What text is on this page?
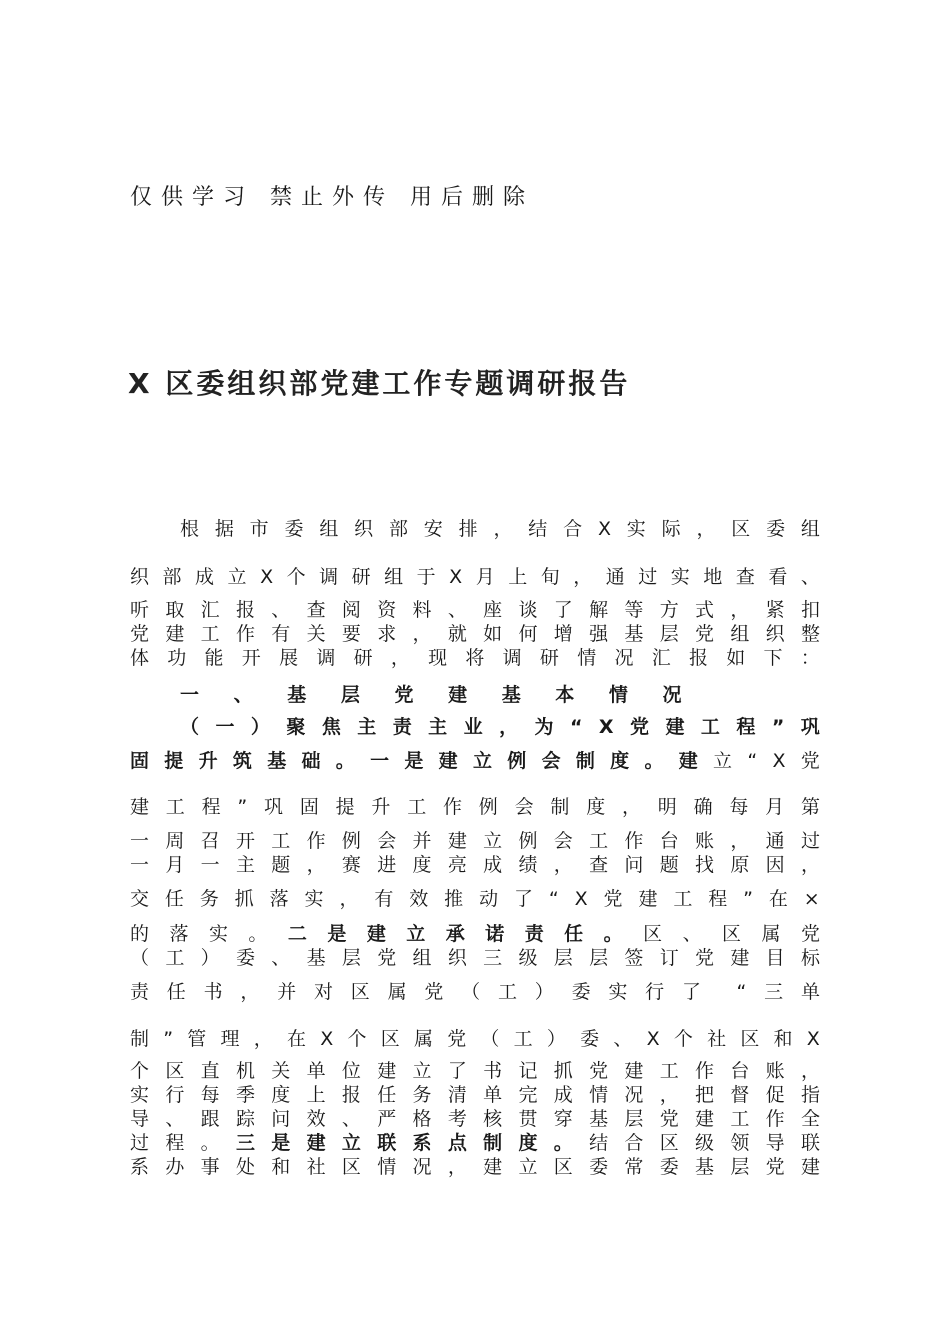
仅供学习 禁止外传 用后删除
X 区委组织部党建工作专题调研报告
一 、 基 层 党 建 基 本 情 况
根 据 市 委 组 织 部 安 排 ， 结 合 X 实 际 ， 区 委 组
织 部 成 立 X 个 调 研 组 于 X 月 上 旬 ， 通 过 实 地 查 看 、
听 取 汇 报 、 查 阅 资 料 、 座 谈 了 解 等 方 式 ， 紧 扣
党 建 工 作 有 关 要 求 ， 就 如 何 增 强 基 层 党 组 织 整
体 功 能 开 展 调 研 ， 现 将 调 研 情 况 汇 报 如 下 ：
（ 一 ） 聚 焦 主 责 主 业 ， 为 “ X 党 建 工 程 ” 巩
固 提 升 筑 基 础 。 一 是 建 立 例 会 制 度 。 建 立 “ X 党
建 工 程 ” 巩 固 提 升 工 作 例 会 制 度 ， 明 确 每 月 第
一 周 召 开 工 作 例 会 并 建 立 例 会 工 作 台 账 ， 通 过
一 月 一 主 题 ， 赛 进 度 亮 成 绩 ， 查 问 题 找 原 因 ，
交 任 务 抓 落 实 ， 有 效 推 动 了 “ X 党 建 工 程 ” 在 ×
的 落 实 。 二 是 建 立 承 诺 责 任 。 区 、 区 属 党
（ 工 ） 委 、 基 层 党 组 织 三 级 层 层 签 订 党 建 目 标
责 任 书 ， 并 对 区 属 党 （ 工 ） 委 实 行 了 “ 三 单
制 ” 管 理 ， 在 X 个 区 属 党 （ 工 ） 委 、 X 个 社 区 和 X
个 区 直 机 关 单 位 建 立 了 书 记 抓 党 建 工 作 台 账 ，
实 行 每 季 度 上 报 任 务 清 单 完 成 情 况 ， 把 督 促 指
导 、 跟 踪 问 效 、 严 格 考 核 贯 穿 基 层 党 建 工 作 全
过 程 。 三 是 建 立 联 系 点 制 度 。 结 合 区 级 领 导 联
系 办 事 处 和 社 区 情 况 ， 建 立 区 委 常 委 基 层 党 建
